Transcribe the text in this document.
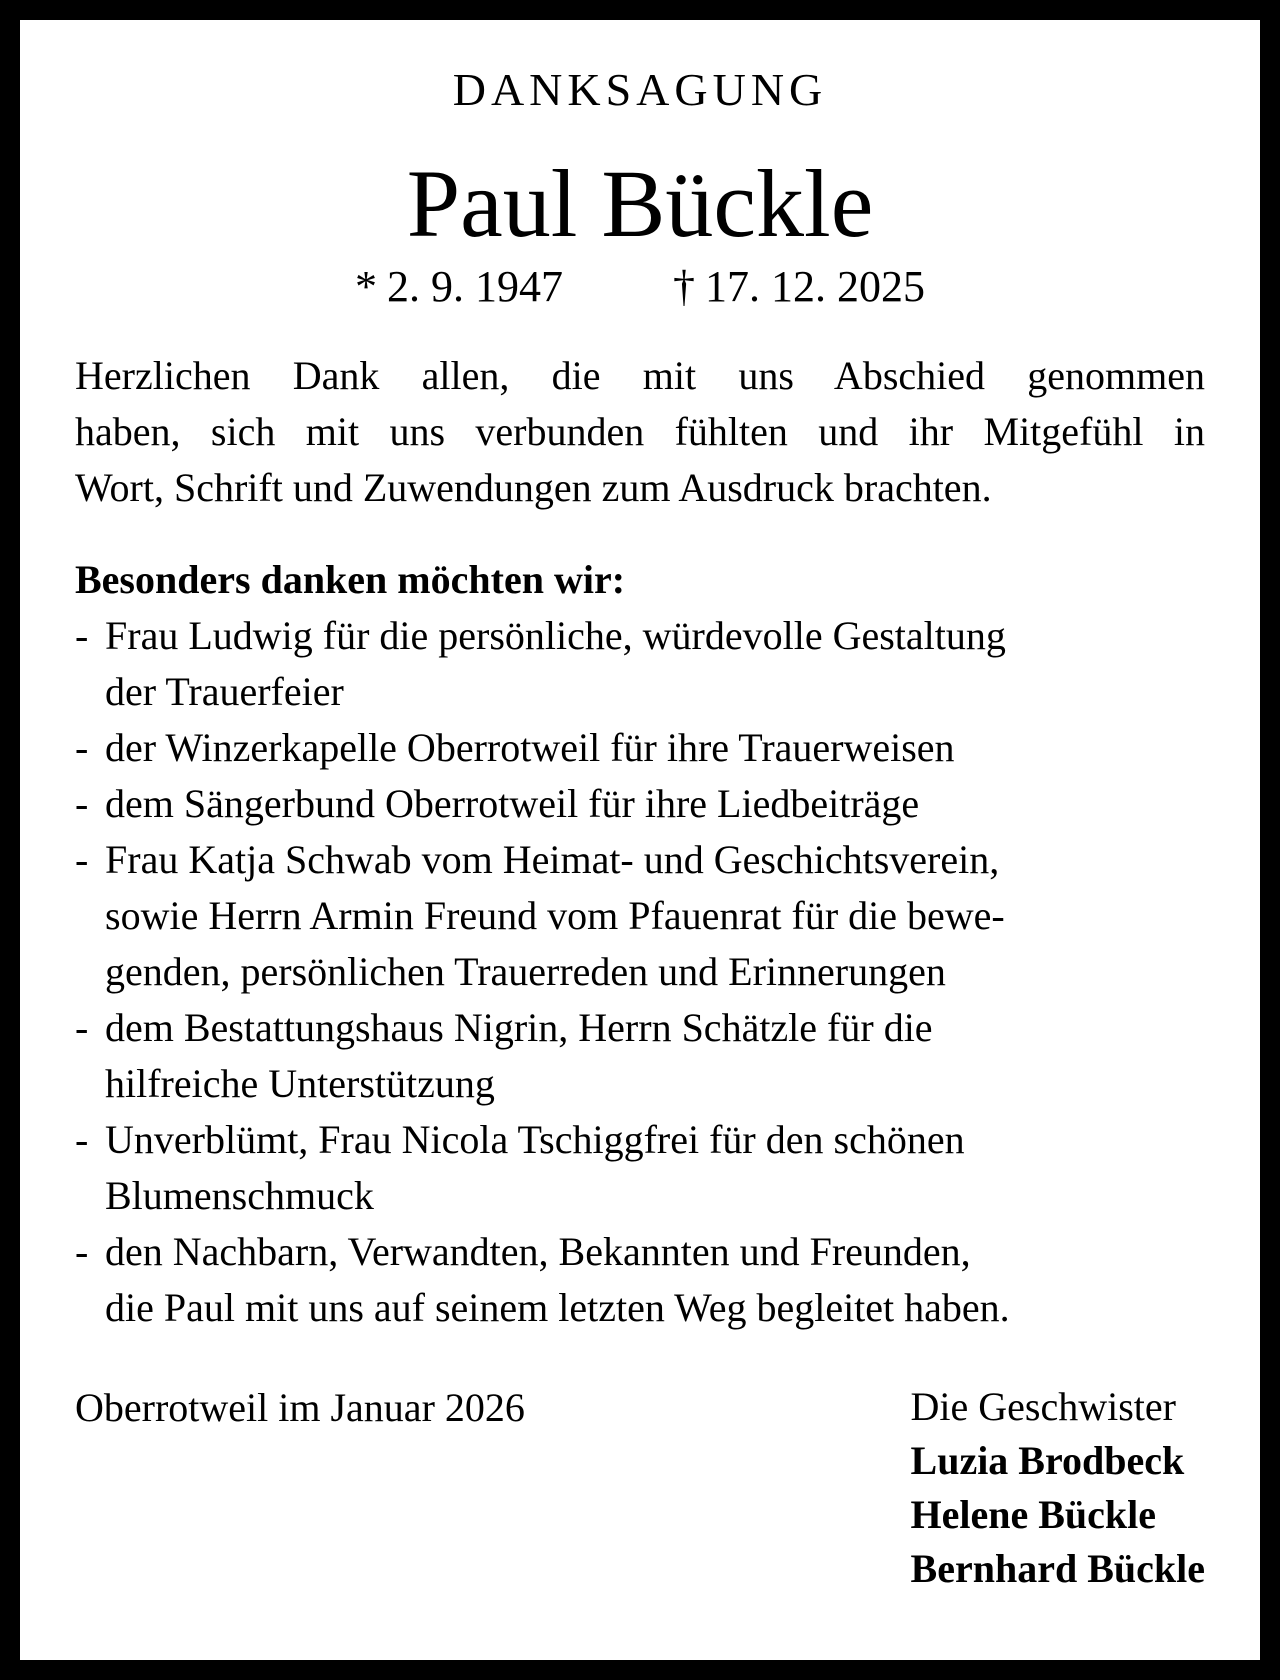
DANKSAGUNG
Paul Bückle
* 2. 9. 1947	† 17. 12. 2025
Herzlichen Dank allen, die mit uns Abschied genommen
haben, sich mit uns verbunden fühlten und ihr Mitgefühl in
Wort, Schrift und Zuwendungen zum Ausdruck brachten.
Besonders danken möchten wir:
- Frau Ludwig für die persönliche, würdevolle Gestaltung
der Trauerfeier
- der Winzerkapelle Oberrotweil für ihre Trauerweisen
- dem Sängerbund Oberrotweil für ihre Liedbeiträge
- Frau Katja Schwab vom Heimat- und Geschichtsverein,
sowie Herrn Armin Freund vom Pfauenrat für die bewe-
genden, persönlichen Trauerreden und Erinnerungen
- dem Bestattungshaus Nigrin, Herrn Schätzle für die
hilfreiche Unterstützung
- Unverblümt, Frau Nicola Tschiggfrei für den schönen
Blumenschmuck
- den Nachbarn, Verwandten, Bekannten und Freunden,
die Paul mit uns auf seinem letzten Weg begleitet haben.
Oberrotweil im Januar 2026	Die Geschwister
Luzia Brodbeck
Helene Bückle
Bernhard Bückle
